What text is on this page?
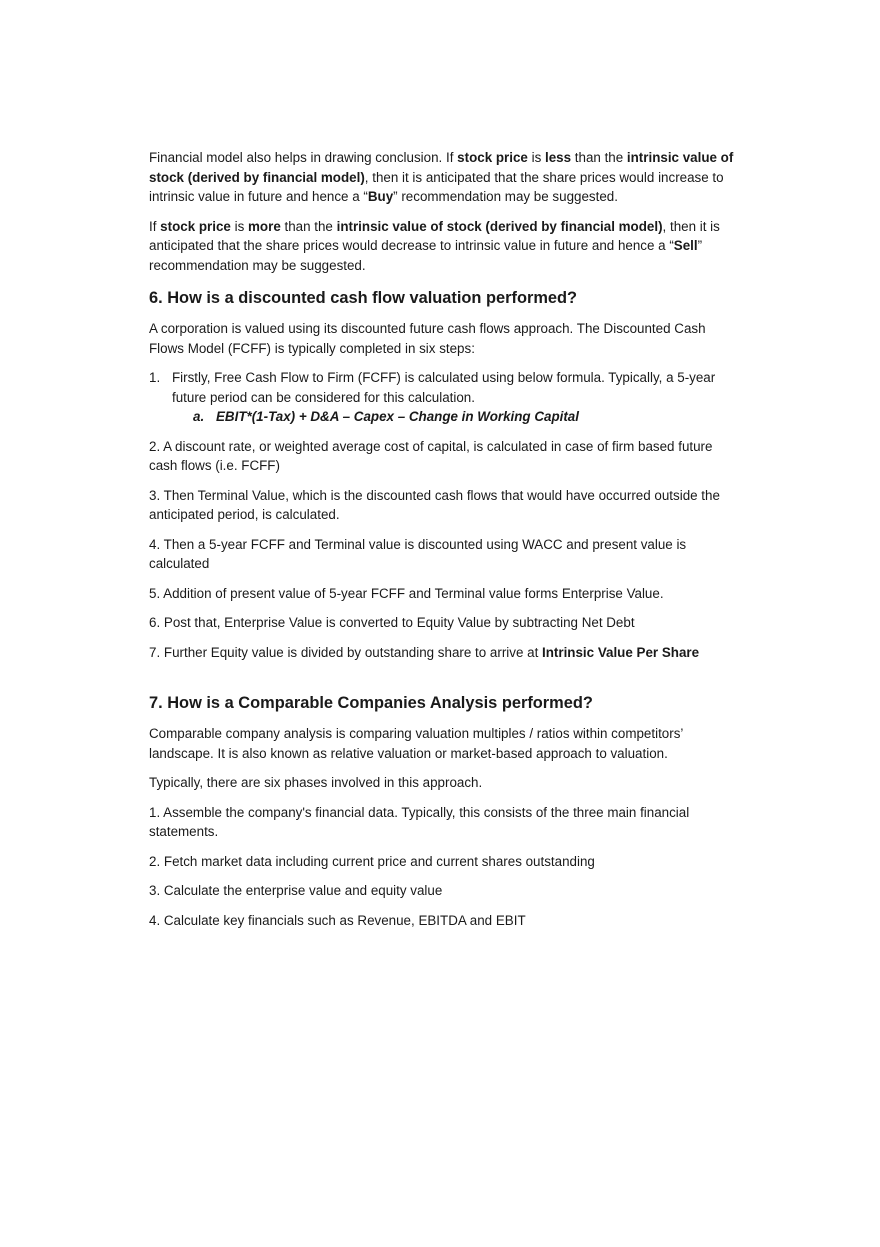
Financial model also helps in drawing conclusion. If stock price is less than the intrinsic value of stock (derived by financial model), then it is anticipated that the share prices would increase to intrinsic value in future and hence a “Buy” recommendation may be suggested.

If stock price is more than the intrinsic value of stock (derived by financial model), then it is anticipated that the share prices would decrease to intrinsic value in future and hence a “Sell” recommendation may be suggested.

6. How is a discounted cash flow valuation performed?

A corporation is valued using its discounted future cash flows approach. The Discounted Cash Flows Model (FCFF) is typically completed in six steps:

1. Firstly, Free Cash Flow to Firm (FCFF) is calculated using below formula. Typically, a 5-year future period can be considered for this calculation.
a. EBIT*(1-Tax) + D&A – Capex – Change in Working Capital

2. A discount rate, or weighted average cost of capital, is calculated in case of firm based future cash flows (i.e. FCFF)

3. Then Terminal Value, which is the discounted cash flows that would have occurred outside the anticipated period, is calculated.

4. Then a 5-year FCFF and Terminal value is discounted using WACC and present value is calculated

5. Addition of present value of 5-year FCFF and Terminal value forms Enterprise Value.

6. Post that, Enterprise Value is converted to Equity Value by subtracting Net Debt

7. Further Equity value is divided by outstanding share to arrive at Intrinsic Value Per Share

7. How is a Comparable Companies Analysis performed?

Comparable company analysis is comparing valuation multiples / ratios within competitors’ landscape. It is also known as relative valuation or market-based approach to valuation.

Typically, there are six phases involved in this approach.

1. Assemble the company's financial data. Typically, this consists of the three main financial statements.

2. Fetch market data including current price and current shares outstanding

3. Calculate the enterprise value and equity value

4. Calculate key financials such as Revenue, EBITDA and EBIT
